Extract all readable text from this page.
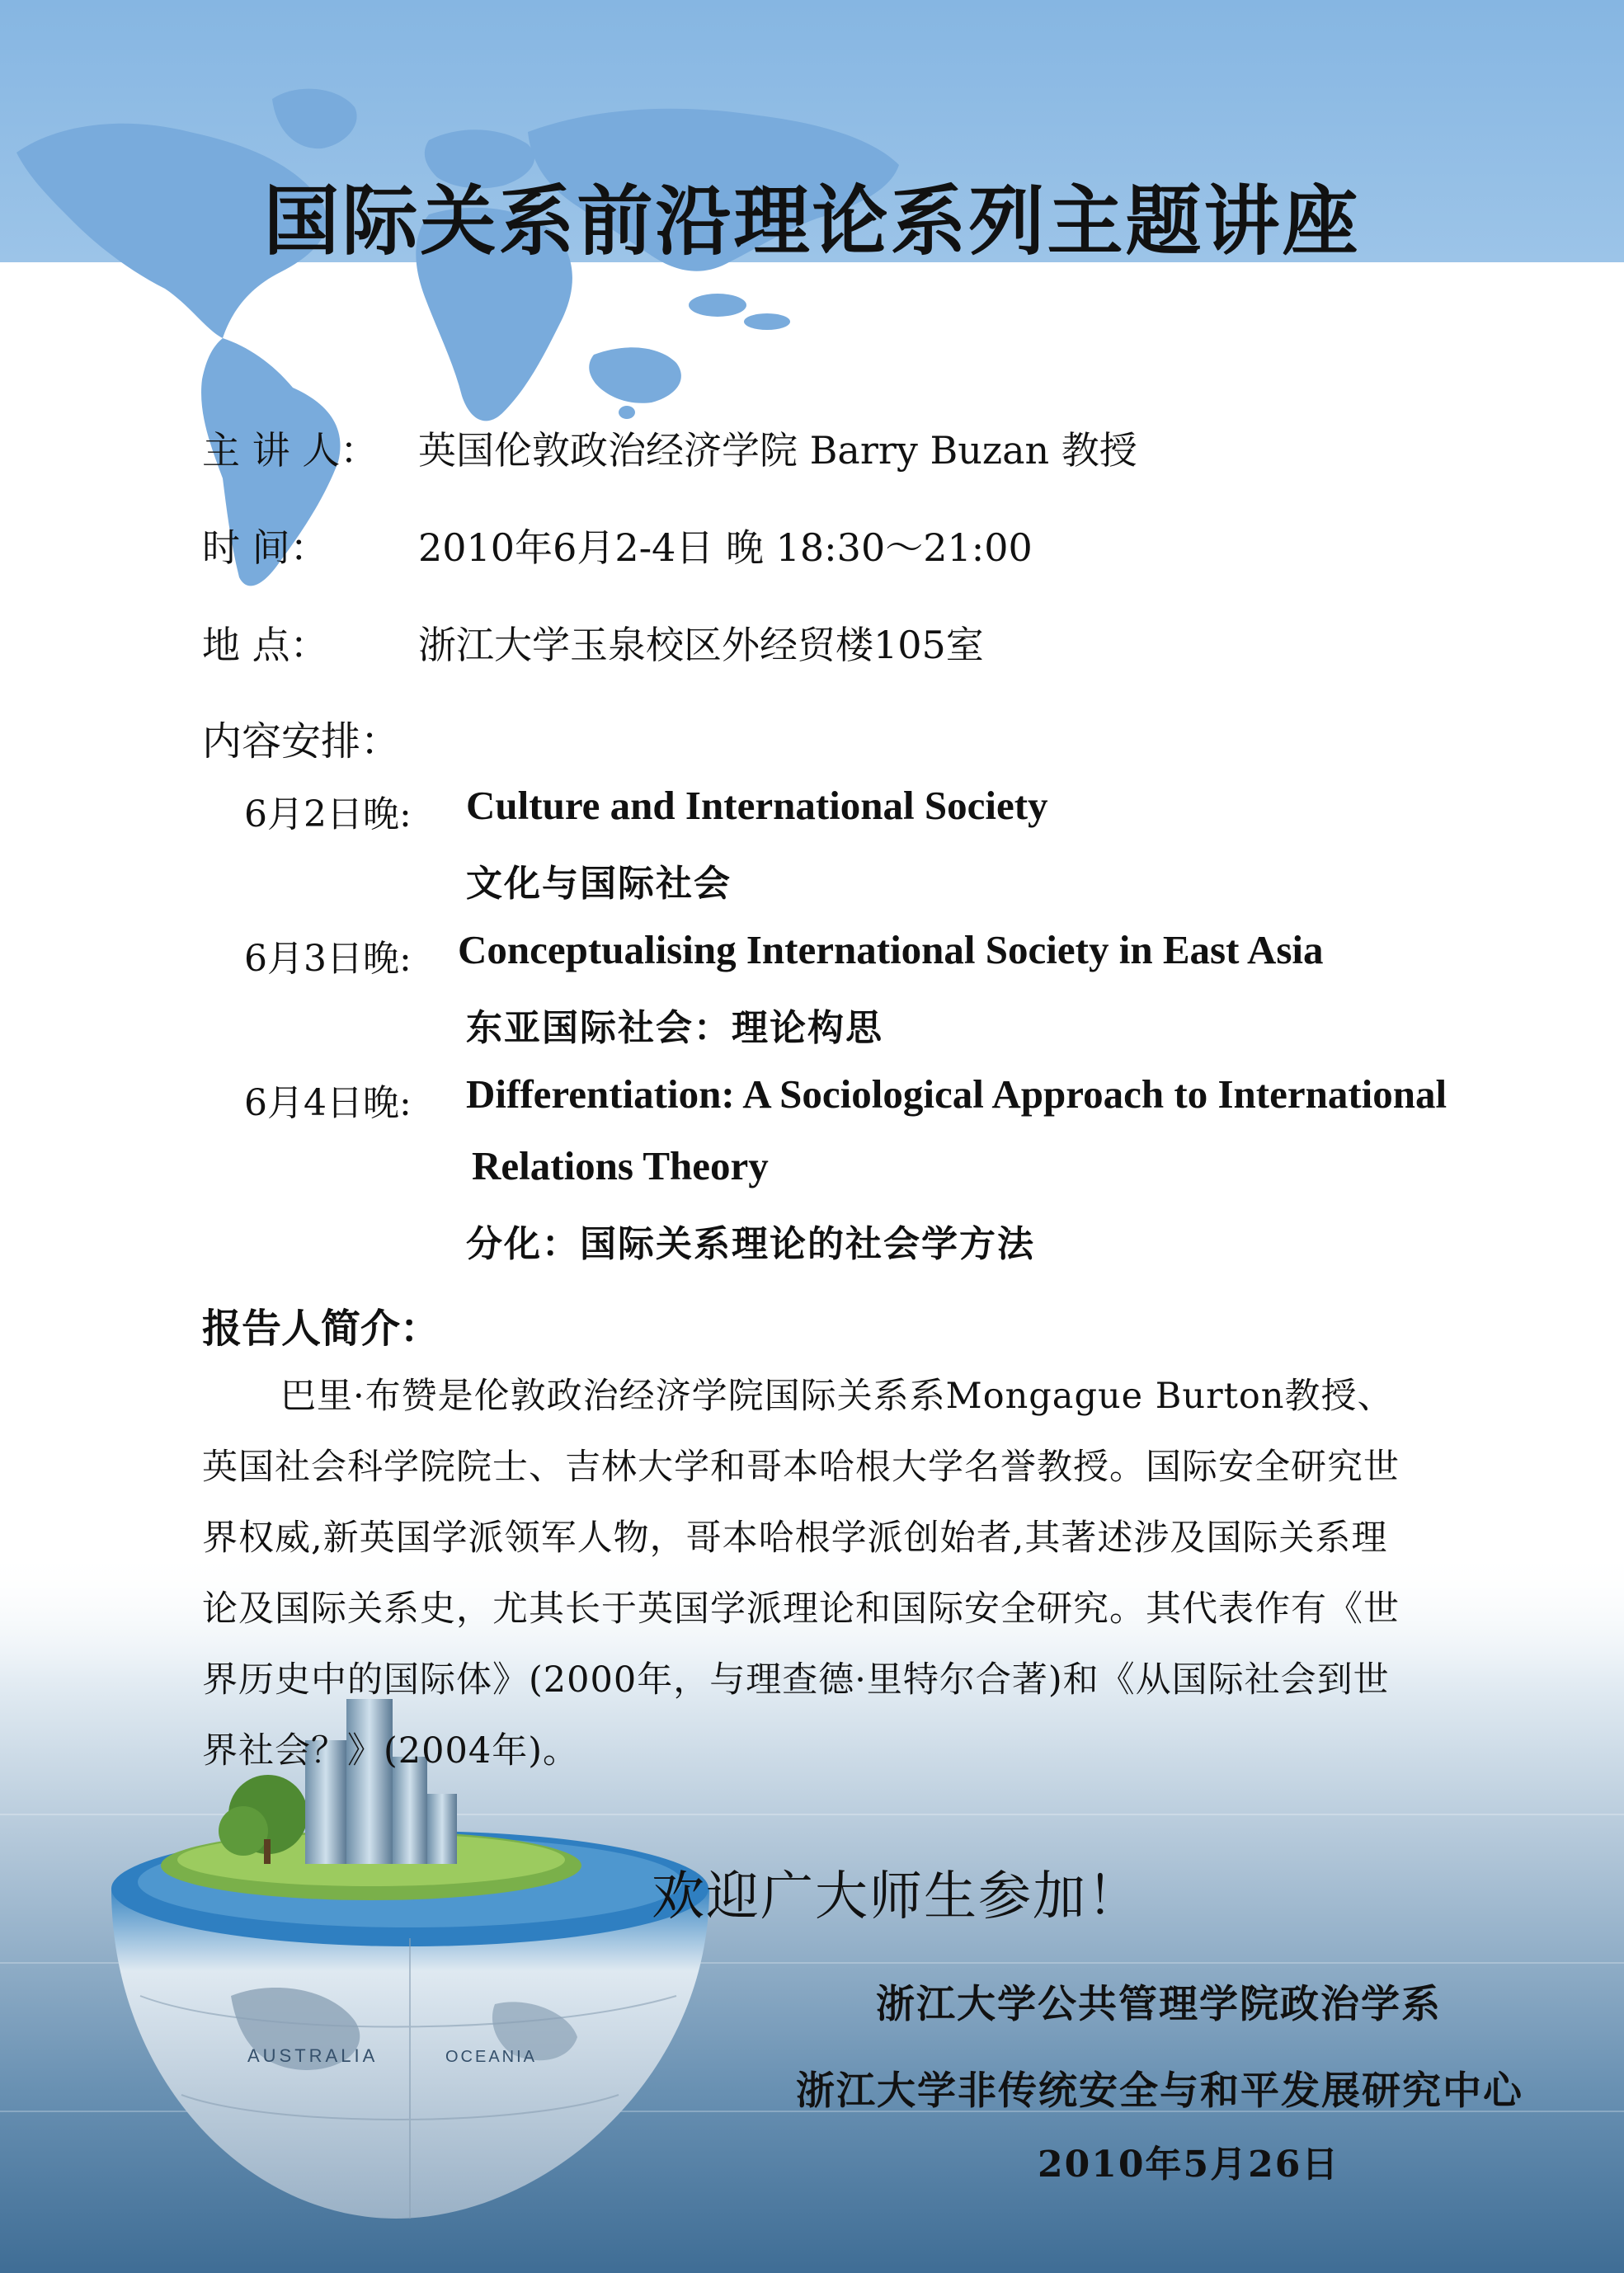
AUSTRALIA	OCEANIA
国际关系前沿理论系列主题讲座
主 讲 人： 英国伦敦政治经济学院 Barry Buzan 教授
时 间： 2010年6月2-4日 晚 18:30～21:00
地 点： 浙江大学玉泉校区外经贸楼105室
内容安排：
6月2日晚: Culture and International Society
文化与国际社会
6月3日晚: Conceptualising International Society in East Asia
东亚国际社会：理论构思
6月4日晚: Differentiation: A Sociological Approach to International
Relations Theory
分化：国际关系理论的社会学方法
报告人简介：
巴里·布赞是伦敦政治经济学院国际关系系Mongague Burton教授、英国社会科学院院士、吉林大学和哥本哈根大学名誉教授。国际安全研究世界权威,新英国学派领军人物，哥本哈根学派创始者,其著述涉及国际关系理论及国际关系史，尤其长于英国学派理论和国际安全研究。其代表作有《世界历史中的国际体》(2000年，与理查德·里特尔合著)和《从国际社会到世界社会？》(2004年)。
欢迎广大师生参加！
浙江大学公共管理学院政治学系
浙江大学非传统安全与和平发展研究中心
2010年5月26日
